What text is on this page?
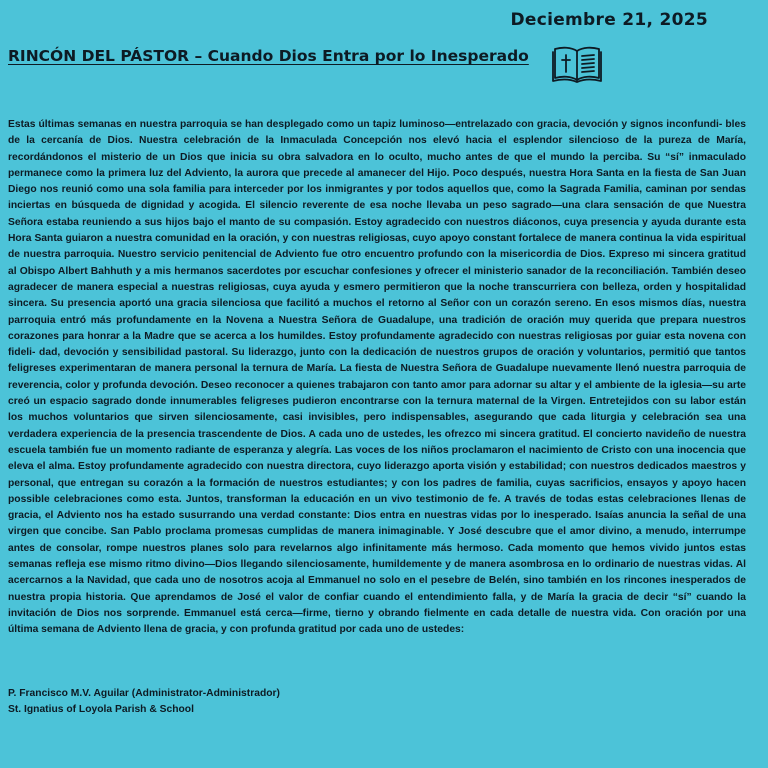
Deciembre 21, 2025
RINCÓN DEL PÁSTOR – Cuando Dios Entra por lo Inesperado

Estas últimas semanas en nuestra parroquia se han desplegado como un tapiz luminoso—entrelazado con gracia, devoción y signos inconfundi- bles de la cercanía de Dios. Nuestra celebración de la Inmaculada Concepción nos elevó hacia el esplendor silencioso de la pureza de María, recordándonos el misterio de un Dios que inicia su obra salvadora en lo oculto, mucho antes de que el mundo la perciba. Su “sí” inmaculado permanece como la primera luz del Adviento, la aurora que precede al amanecer del Hijo. Poco después, nuestra Hora Santa en la fiesta de San Juan Diego nos reunió como una sola familia para interceder por los inmigrantes y por todos aquellos que, como la Sagrada Familia, caminan por sendas inciertas en búsqueda de dignidad y acogida. El silencio reverente de esa noche llevaba un peso sagrado—una clara sensación de que Nuestra Señora estaba reuniendo a sus hijos bajo el manto de su compasión. Estoy agradecido con nuestros diáconos, cuya presencia y ayuda durante esta Hora Santa guiaron a nuestra comunidad en la oración, y con nuestras religiosas, cuyo apoyo constant fortalece de manera continua la vida espiritual de nuestra parroquia. Nuestro servicio penitencial de Adviento fue otro encuentro profundo con la misericordia de Dios. Expreso mi sincera gratitud al Obispo Albert Bahhuth y a mis hermanos sacerdotes por escuchar confesiones y ofrecer el ministerio sanador de la reconciliación. También deseo agradecer de manera especial a nuestras religiosas, cuya ayuda y esmero permitieron que la noche transcurriera con belleza, orden y hospitalidad sincera. Su presencia aportó una gracia silenciosa que facilitó a muchos el retorno al Señor con un corazón sereno. En esos mismos días, nuestra parroquia entró más profundamente en la Novena a Nuestra Señora de Guadalupe, una tradición de oración muy querida que prepara nuestros corazones para honrar a la Madre que se acerca a los humildes. Estoy profundamente agradecido con nuestras religiosas por guiar esta novena con fideli- dad, devoción y sensibilidad pastoral. Su liderazgo, junto con la dedicación de nuestros grupos de oración y voluntarios, permitió que tantos feligreses experimentaran de manera personal la ternura de María. La fiesta de Nuestra Señora de Guadalupe nuevamente llenó nuestra parroquia de reverencia, color y profunda devoción. Deseo reconocer a quienes trabajaron con tanto amor para adornar su altar y el ambiente de la iglesia—su arte creó un espacio sagrado donde innumerables feligreses pudieron encontrarse con la ternura maternal de la Virgen. Entretejidos con su labor están los muchos voluntarios que sirven silenciosamente, casi invisibles, pero indispensables, asegurando que cada liturgia y celebración sea una verdadera experiencia de la presencia trascendente de Dios. A cada uno de ustedes, les ofrezco mi sincera gratitud. El concierto navideño de nuestra escuela también fue un momento radiante de esperanza y alegría. Las voces de los niños proclamaron el nacimiento de Cristo con una inocencia que eleva el alma. Estoy profundamente agradecido con nuestra directora, cuyo liderazgo aporta visión y estabilidad; con nuestros dedicados maestros y personal, que entregan su corazón a la formación de nuestros estudiantes; y con los padres de familia, cuyas sacrificios, ensayos y apoyo hacen possible celebraciones como esta. Juntos, transforman la educación en un vivo testimonio de fe. A través de todas estas celebraciones llenas de gracia, el Adviento nos ha estado susurrando una verdad constante: Dios entra en nuestras vidas por lo inesperado. Isaías anuncia la señal de una virgen que concibe. San Pablo proclama promesas cumplidas de manera inimaginable. Y José descubre que el amor divino, a menudo, interrumpe antes de consolar, rompe nuestros planes solo para revelarnos algo infinitamente más hermoso. Cada momento que hemos vivido juntos estas semanas refleja ese mismo ritmo divino—Dios llegando silenciosamente, humildemente y de manera asombrosa en lo ordinario de nuestras vidas. Al acercarnos a la Navidad, que cada uno de nosotros acoja al Emmanuel no solo en el pesebre de Belén, sino también en los rincones inesperados de nuestra propia historia. Que aprendamos de José el valor de confiar cuando el entendimiento falla, y de María la gracia de decir “sí” cuando la invitación de Dios nos sorprende. Emmanuel está cerca—firme, tierno y obrando fielmente en cada detalle de nuestra vida. Con oración por una última semana de Adviento llena de gracia, y con profunda gratitud por cada uno de ustedes:

P. Francisco M.V. Aguilar (Administrator-Administrador)
St. Ignatius of Loyola Parish & School
